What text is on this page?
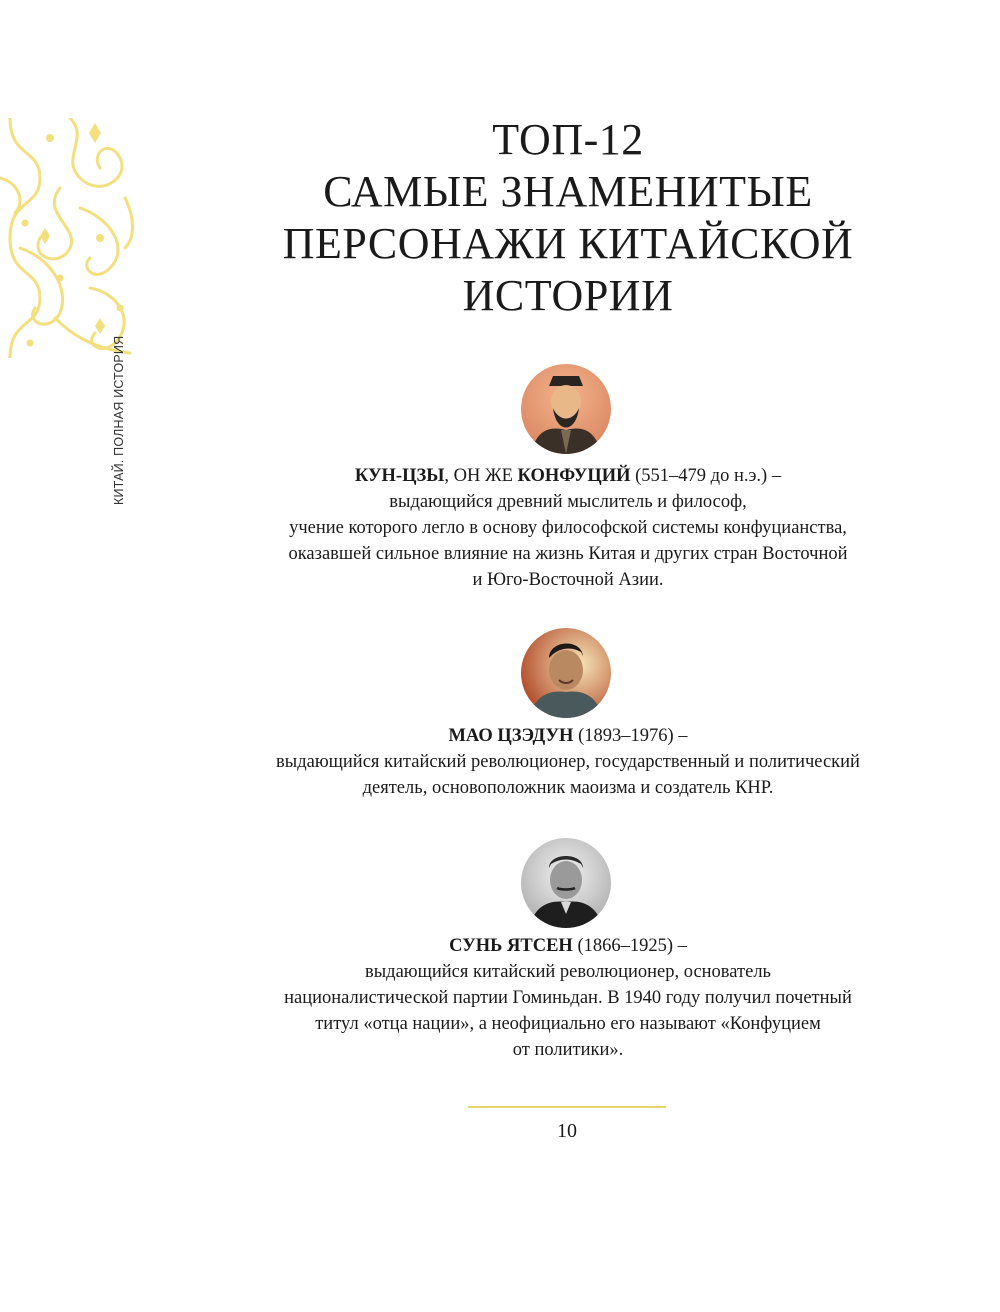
КИТАЙ. ПОЛНАЯ ИСТОРИЯ
ТОП-12
САМЫЕ ЗНАМЕНИТЫЕ
ПЕРСОНАЖИ КИТАЙСКОЙ
ИСТОРИИ

КУН-ЦЗЫ, ОН ЖЕ КОНФУЦИЙ (551–479 до н.э.) –
выдающийся древний мыслитель и философ,
учение которого легло в основу философской системы конфуцианства,
оказавшей сильное влияние на жизнь Китая и других стран Восточной
и Юго-Восточной Азии.

МАО ЦЗЭДУН (1893–1976) –
выдающийся китайский революционер, государственный и политический
деятель, основоположник маоизма и создатель КНР.

СУНЬ ЯТСЕН (1866–1925) –
выдающийся китайский революционер, основатель
националистической партии Гоминьдан. В 1940 году получил почетный
титул «отца нации», а неофициально его называют «Конфуцием
от политики».

10
